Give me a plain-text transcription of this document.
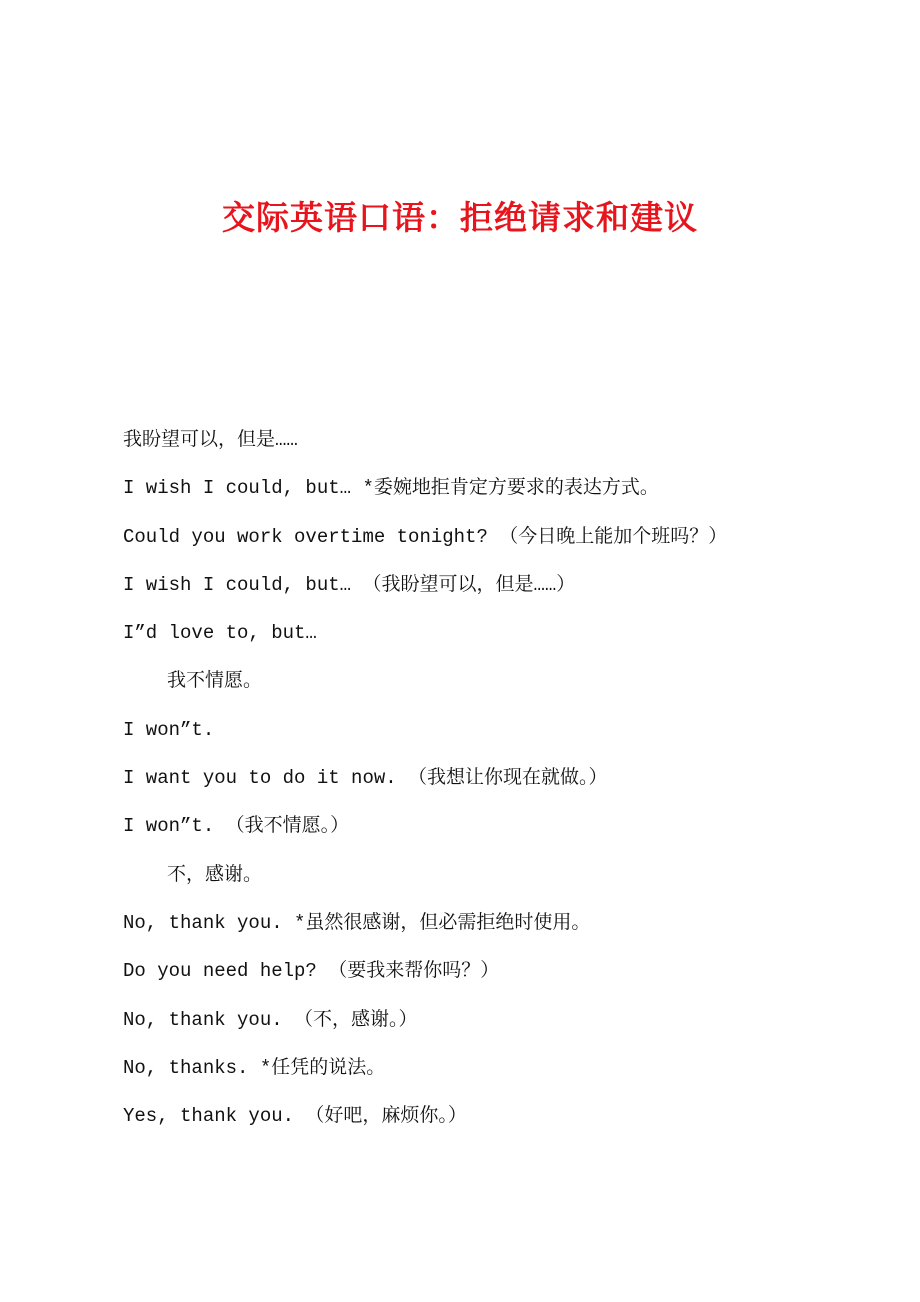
交际英语口语：拒绝请求和建议
我盼望可以，但是……
I wish I could, but… *委婉地拒肯定方要求的表达方式。
Could you work overtime tonight? （今日晚上能加个班吗？）
I wish I could, but… （我盼望可以，但是……）
I”d love to, but…
我不情愿。
I won”t.
I want you to do it now. （我想让你现在就做。）
I won”t. （我不情愿。）
不，感谢。
No, thank you. *虽然很感谢，但必需拒绝时使用。
Do you need help? （要我来帮你吗？）
No, thank you. （不，感谢。）
No, thanks. *任凭的说法。
Yes, thank you. （好吧，麻烦你。）
